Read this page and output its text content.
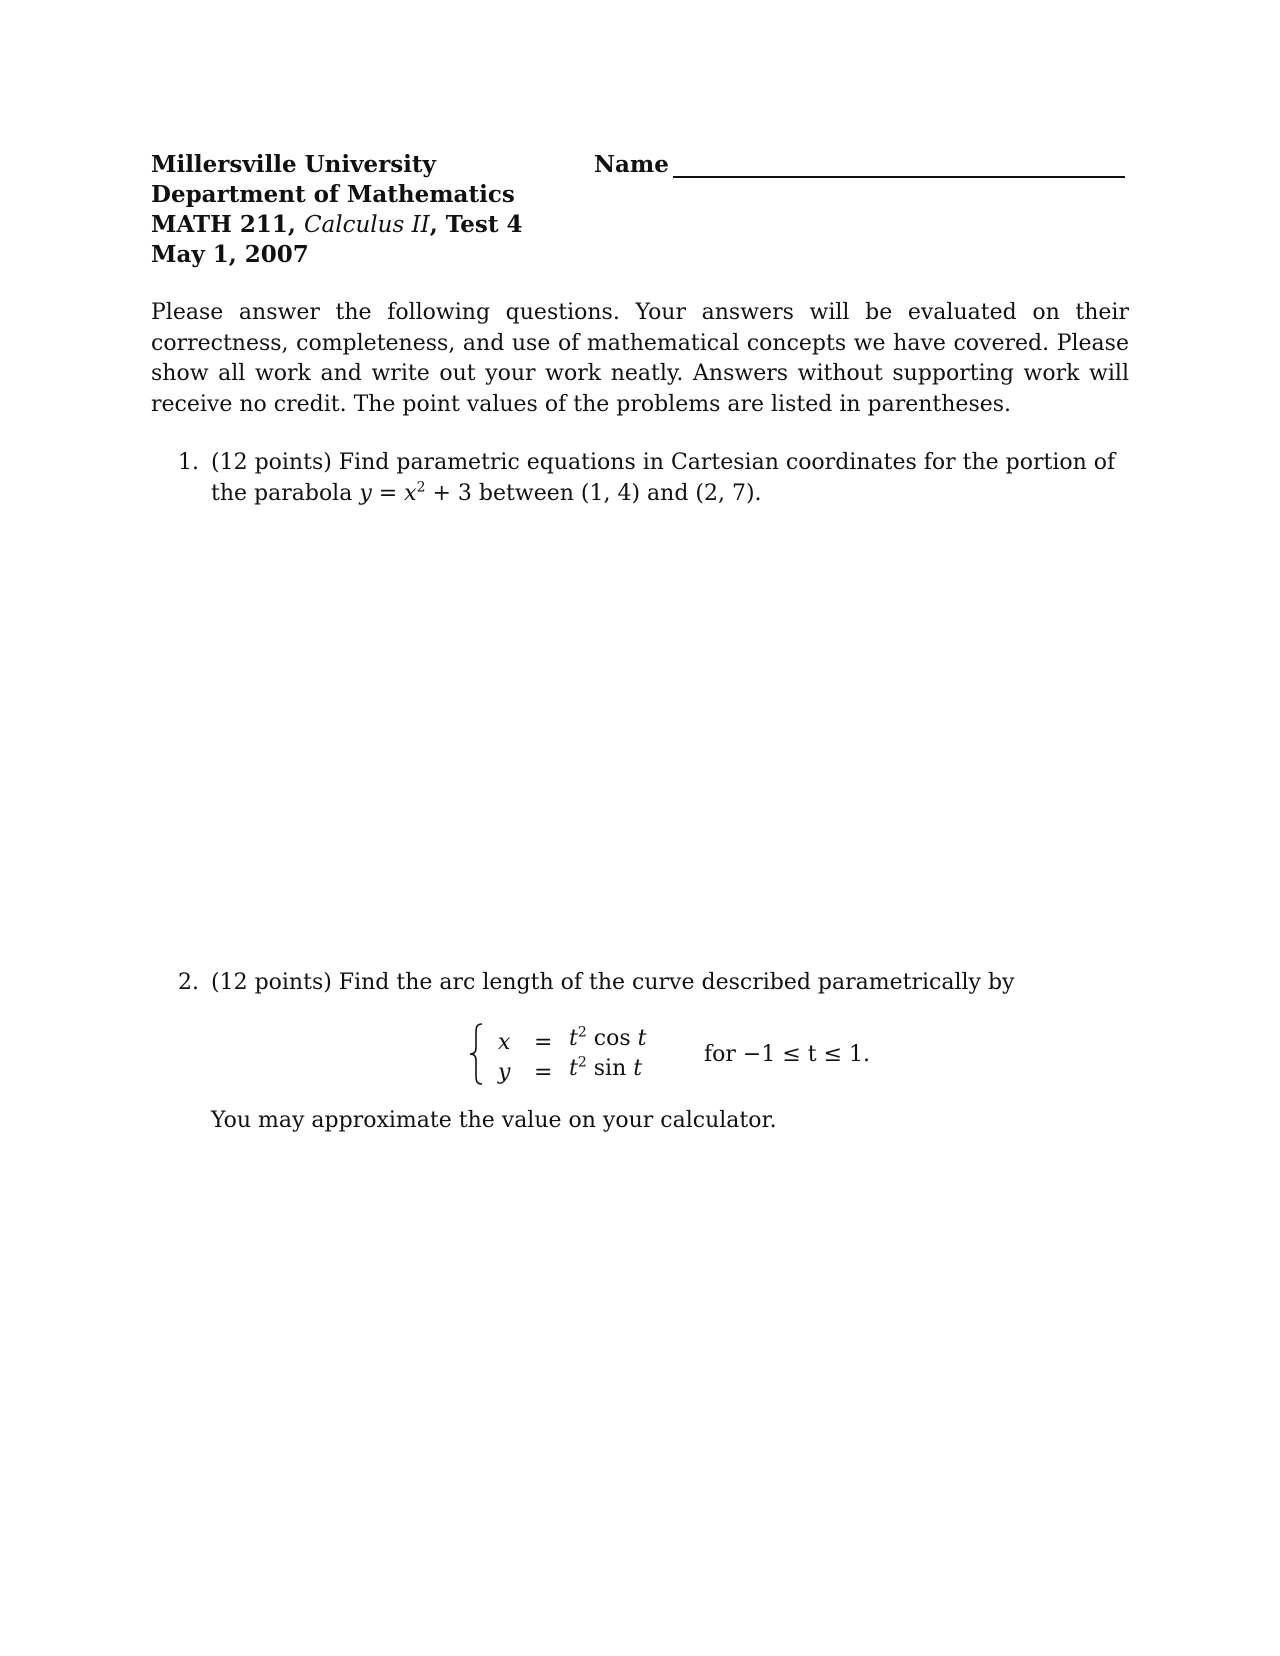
Millersville University
Department of Mathematics
MATH 211, Calculus II, Test 4
May 1, 2007
Name
Please answer the following questions. Your answers will be evaluated on their correctness, completeness, and use of mathematical concepts we have covered. Please show all work and write out your work neatly. Answers without supporting work will receive no credit. The point values of the problems are listed in parentheses.
1. (12 points) Find parametric equations in Cartesian coordinates for the portion of the parabola $y = x^2 + 3$ between (1, 4) and (2, 7).
2. (12 points) Find the arc length of the curve described parametrically by
$x = t^2$ cos t
$y = t^2$ sin t
for −1 ≤ t ≤ 1.
You may approximate the value on your calculator.
